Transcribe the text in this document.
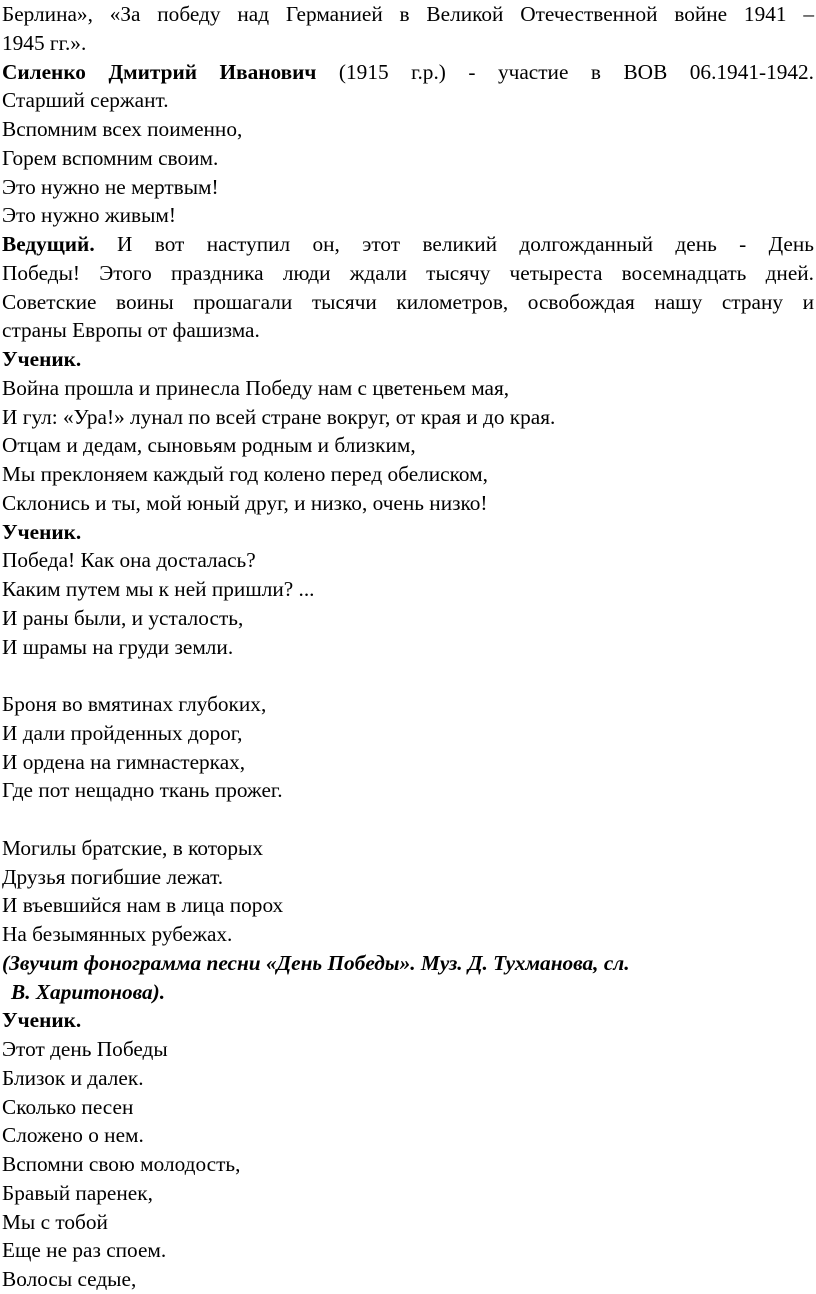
Берлина», «За победу над Германией в Великой Отечественной войне 1941 –
1945 гг.».
Силенко Дмитрий Иванович (1915 г.р.) - участие в ВОВ 06.1941-1942.
Старший сержант.
Вспомним всех поименно,
Горем вспомним своим.
Это нужно не мертвым!
Это нужно живым!
Ведущий. И вот наступил он, этот великий долгожданный день - День
Победы! Этого праздника люди ждали тысячу четыреста восемнадцать дней.
Советские воины прошагали тысячи километров, освобождая нашу страну и
страны Европы от фашизма.
Ученик.
Война прошла и принесла Победу нам с цветеньем мая,
И гул: «Ура!» лунал по всей стране вокруг, от края и до края.
Отцам и дедам, сыновьям родным и близким,
Мы преклоняем каждый год колено перед обелиском,
Склонись и ты, мой юный друг, и низко, очень низко!
Ученик.
Победа! Как она досталась?
Каким путем мы к ней пришли? ...
И раны были, и усталость,
И шрамы на груди земли.
Броня во вмятинах глубоких,
И дали пройденных дорог,
И ордена на гимнастерках,
Где пот нещадно ткань прожег.
Могилы братские, в которых
Друзья погибшие лежат.
И въевшийся нам в лица порох
На безымянных рубежах.
(Звучит фонограмма песни «День Победы». Муз. Д. Тухманова, сл.
В. Харитонова).
Ученик.
Этот день Победы
Близок и далек.
Сколько песен
Сложено о нем.
Вспомни свою молодость,
Бравый паренек,
Мы с тобой
Еще не раз споем.
Волосы седые,
